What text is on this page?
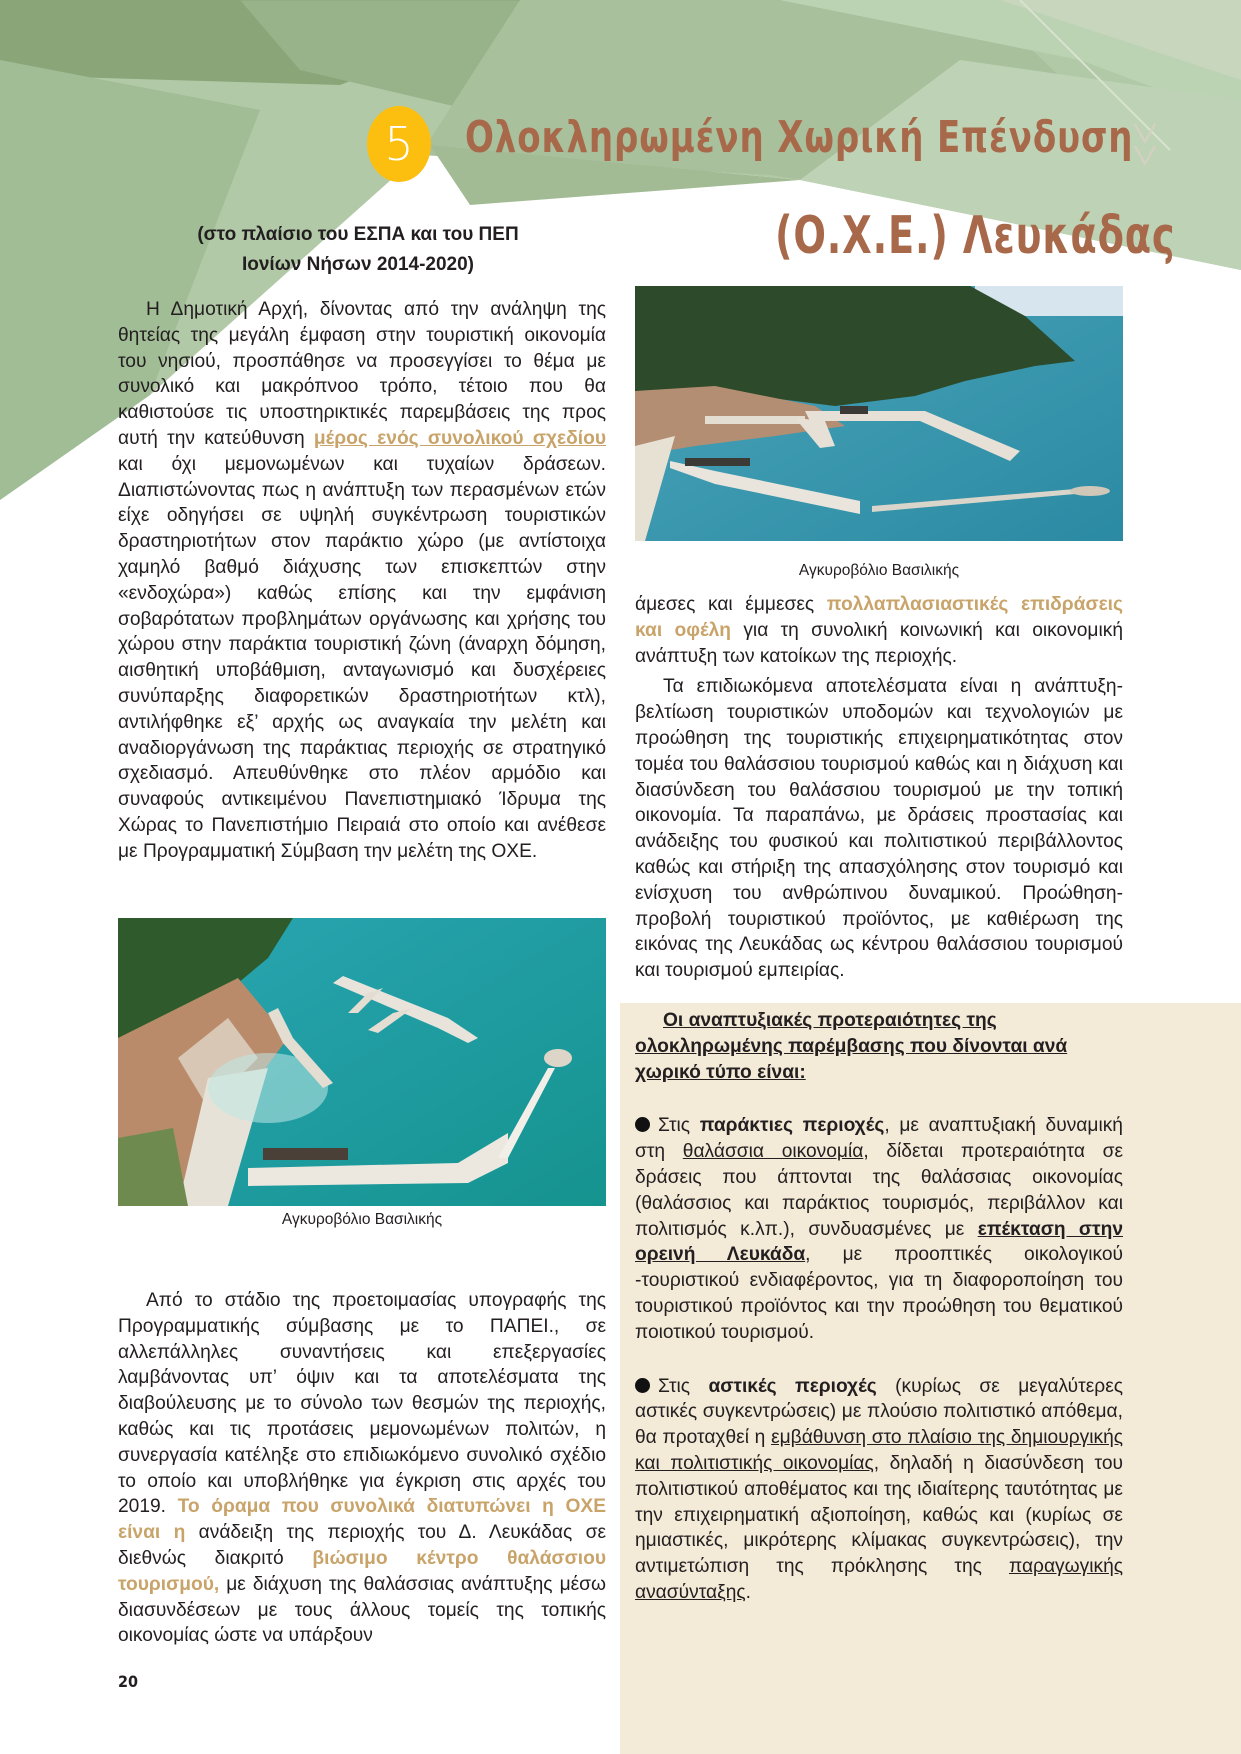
5 Ολοκληρωμένη Χωρική Επένδυση
(Ο.Χ.Ε.) Λευκάδας
(στο πλαίσιο του ΕΣΠΑ και του ΠΕΠ
Ιονίων Νήσων 2014-2020)

Η Δημοτική Αρχή, δίνοντας από την ανάληψη της θητείας της μεγάλη έμφαση στην τουριστική οικονομία του νησιού, προσπάθησε να προσεγγίσει το θέμα με συνολικό και μακρόπνοο τρόπο, τέτοιο που θα καθιστούσε τις υποστηρικτικές παρεμβάσεις της προς αυτή την κατεύθυνση μέρος ενός συνολικού σχεδίου και όχι μεμονωμένων και τυχαίων δράσεων. Διαπιστώνοντας πως η ανάπτυξη των περασμένων ετών είχε οδηγήσει σε υψηλή συγκέντρωση τουριστικών δραστηριοτήτων στον παράκτιο χώρο (με αντίστοιχα χαμηλό βαθμό διάχυσης των επισκεπτών στην «ενδοχώρα») καθώς επίσης και την εμφάνιση σοβαρότατων προβλημάτων οργάνωσης και χρήσης του χώρου στην παράκτια τουριστική ζώνη (άναρχη δόμηση, αισθητική υποβάθμιση, ανταγωνισμό και δυσχέρειες συνύπαρξης διαφορετικών δραστηριοτήτων κτλ), αντιλήφθηκε εξ’ αρχής ως αναγκαία την μελέτη και αναδιοργάνωση της παράκτιας περιοχής σε στρατηγικό σχεδιασμό. Απευθύνθηκε στο πλέον αρμόδιο και συναφούς αντικειμένου Πανεπιστημιακό Ίδρυμα της Χώρας το Πανεπιστήμιο Πειραιά στο οποίο και ανέθεσε με Προγραμματική Σύμβαση την μελέτη της ΟΧΕ.

Αγκυροβόλιο Βασιλικής

Από το στάδιο της προετοιμασίας υπογραφής της Προγραμματικής σύμβασης με το ΠΑΠΕΙ., σε αλλεπάλληλες συναντήσεις και επεξεργασίες λαμβάνοντας υπ’ όψιν και τα αποτελέσματα της διαβούλευσης με το σύνολο των θεσμών της περιοχής, καθώς και τις προτάσεις μεμονωμένων πολιτών, η συνεργασία κατέληξε στο επιδιωκόμενο συνολικό σχέδιο το οποίο και υποβλήθηκε για έγκριση στις αρχές του 2019. Το όραμα που συνολικά διατυπώνει η ΟΧΕ είναι η ανάδειξη της περιοχής του Δ. Λευκάδας σε διεθνώς διακριτό βιώσιμο κέντρο θαλάσσιου τουρισμού, με διάχυση της θαλάσσιας ανάπτυξης μέσω διασυνδέσεων με τους άλλους τομείς της τοπικής οικονομίας ώστε να υπάρξουν

20
Αγκυροβόλιο Βασιλικής

άμεσες και έμμεσες πολλαπλασιαστικές επιδράσεις και οφέλη για τη συνολική κοινωνική και οικονομική ανάπτυξη των κατοίκων της περιοχής.

Τα επιδιωκόμενα αποτελέσματα είναι η ανάπτυξη-βελτίωση τουριστικών υποδομών και τεχνολογιών με προώθηση της τουριστικής επιχειρηματικότητας στον τομέα του θαλάσσιου τουρισμού καθώς και η διάχυση και διασύνδεση του θαλάσσιου τουρισμού με την τοπική οικονομία. Τα παραπάνω, με δράσεις προστασίας και ανάδειξης του φυσικού και πολιτιστικού περιβάλλοντος καθώς και στήριξη της απασχόλησης στον τουρισμό και ενίσχυση του ανθρώπινου δυναμικού. Προώθηση-προβολή τουριστικού προϊόντος, με καθιέρωση της εικόνας της Λευκάδας ως κέντρου θαλάσσιου τουρισμού και τουρισμού εμπειρίας.

Οι αναπτυξιακές προτεραιότητες της ολοκληρωμένης παρέμβασης που δίνονται ανά χωρικό τύπο είναι:

Στις παράκτιες περιοχές, με αναπτυξιακή δυναμική στη θαλάσσια οικονομία, δίδεται προτεραιότητα σε δράσεις που άπτονται της θαλάσσιας οικονομίας (θαλάσσιος και παράκτιος τουρισμός, περιβάλλον και πολιτισμός κ.λπ.), συνδυασμένες με επέκταση στην ορεινή Λευκάδα, με προοπτικές οικολογικού -τουριστικού ενδιαφέροντος, για τη διαφοροποίηση του τουριστικού προϊόντος και την προώθηση του θεματικού ποιοτικού τουρισμού.

Στις αστικές περιοχές (κυρίως σε μεγαλύτερες αστικές συγκεντρώσεις) με πλούσιο πολιτιστικό απόθεμα, θα προταχθεί η εμβάθυνση στο πλαίσιο της δημιουργικής και πολιτιστικής οικονομίας, δηλαδή η διασύνδεση του πολιτιστικού αποθέματος και της ιδιαίτερης ταυτότητας με την επιχειρηματική αξιοποίηση, καθώς και (κυρίως σε ημιαστικές, μικρότερης κλίμακας συγκεντρώσεις), την αντιμετώπιση της πρόκλησης της παραγωγικής ανασύνταξης.
